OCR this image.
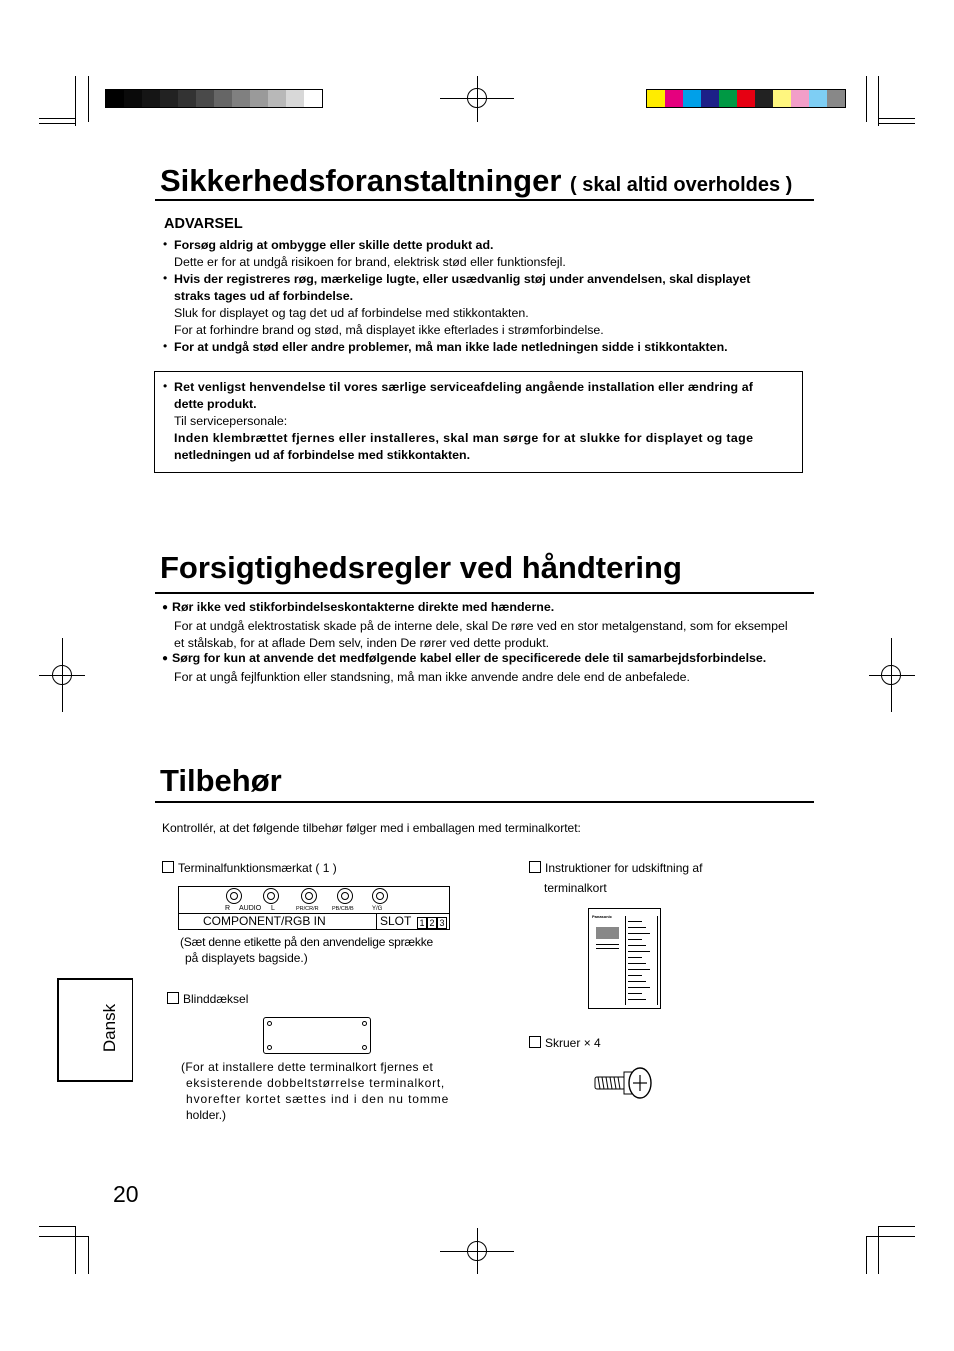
Sikkerhedsforanstaltninger ( skal altid overholdes )
ADVARSEL
• Forsøg aldrig at ombygge eller skille dette produkt ad.
Dette er for at undgå risikoen for brand, elektrisk stød eller funktionsfejl.
• Hvis der registreres røg, mærkelige lugte, eller usædvanlig støj under anvendelsen, skal displayet
straks tages ud af forbindelse.
Sluk for displayet og tag det ud af forbindelse med stikkontakten.
For at forhindre brand og stød, må displayet ikke efterlades i strømforbindelse.
• For at undgå stød eller andre problemer, må man ikke lade netledningen sidde i stikkontakten.
• Ret venligst henvendelse til vores særlige serviceafdeling angående installation eller ændring af
dette produkt.
Til servicepersonale:
Inden klembrættet fjernes eller installeres, skal man sørge for at slukke for displayet og tage
netledningen ud af forbindelse med stikkontakten.
Forsigtighedsregler ved håndtering
● Rør ikke ved stikforbindelseskontakterne direkte med hænderne.
For at undgå elektrostatisk skade på de interne dele, skal De røre ved en stor metalgenstand, som for eksempel
et stålskab, for at aflade Dem selv, inden De rører ved dette produkt.
● Sørg for kun at anvende det medfølgende kabel eller de specificerede dele til samarbejdsforbindelse.
For at ungå fejlfunktion eller standsning, må man ikke anvende andre dele end de anbefalede.
Tilbehør
Kontrollér, at det følgende tilbehør følger med i emballagen med terminalkortet:
Terminalfunktionsmærkat ( 1 )
R AUDIO L	PR/CR/R PB/CB/B	Y/G
COMPONENT/RGB IN	SLOT 1 2 3
(Sæt denne etikette på den anvendelige sprække
på displayets bagside.)
Blinddæksel
(For at installere dette terminalkort fjernes et
eksisterende dobbeltstørrelse terminalkort,
hvorefter kortet sættes ind i den nu tomme
holder.)
Instruktioner for udskiftning af
terminalkort
Panasonic
Skruer × 4
Dansk
20
